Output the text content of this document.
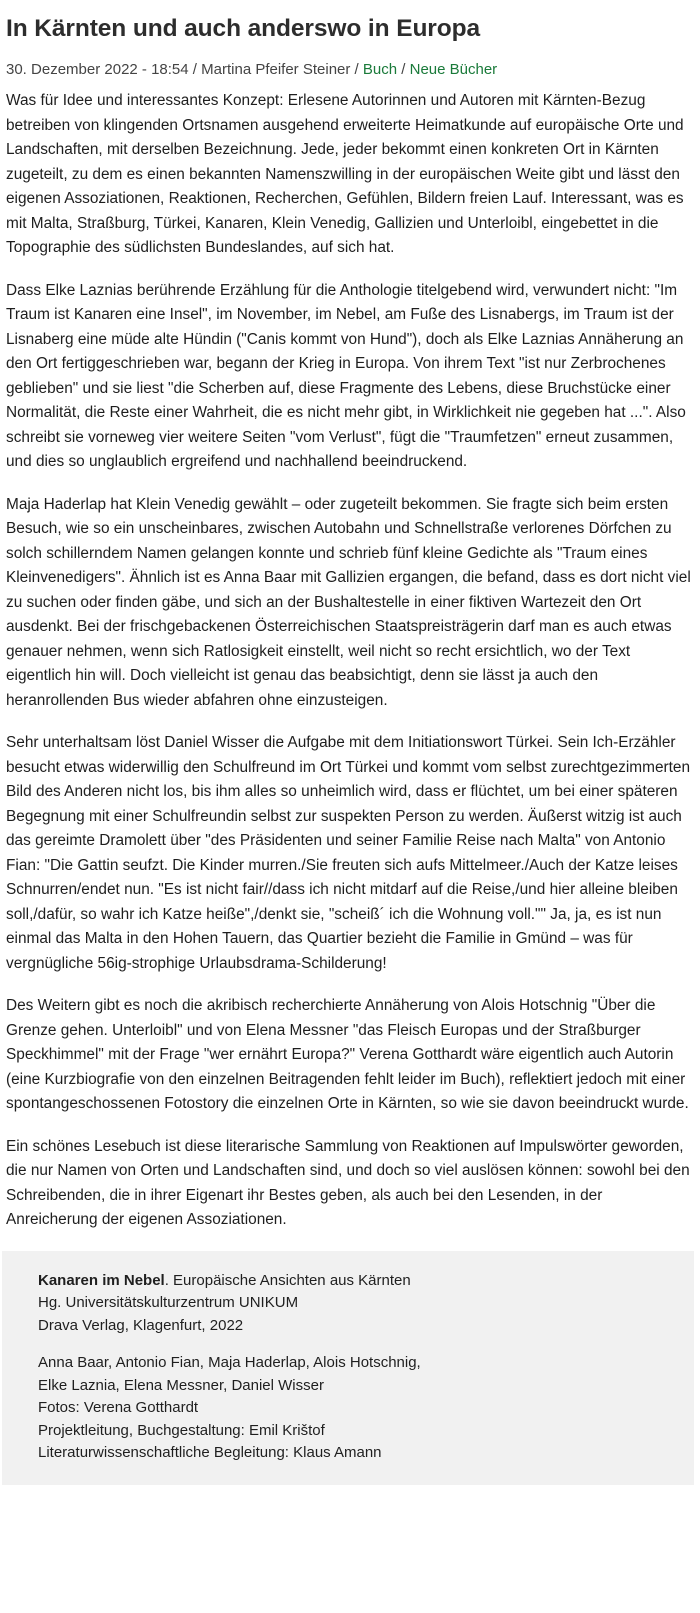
In Kärnten und auch anderswo in Europa
30. Dezember 2022 - 18:54 / Martina Pfeifer Steiner / Buch / Neue Bücher

Was für Idee und interessantes Konzept: Erlesene Autorinnen und Autoren mit Kärnten-Bezug betreiben von klingenden Ortsnamen ausgehend erweiterte Heimatkunde auf europäische Orte und Landschaften, mit derselben Bezeichnung. Jede, jeder bekommt einen konkreten Ort in Kärnten zugeteilt, zu dem es einen bekannten Namenszwilling in der europäischen Weite gibt und lässt den eigenen Assoziationen, Reaktionen, Recherchen, Gefühlen, Bildern freien Lauf. Interessant, was es mit Malta, Straßburg, Türkei, Kanaren, Klein Venedig, Gallizien und Unterloibl, eingebettet in die Topographie des südlichsten Bundeslandes, auf sich hat.

Dass Elke Laznias berührende Erzählung für die Anthologie titelgebend wird, verwundert nicht: "Im Traum ist Kanaren eine Insel", im November, im Nebel, am Fuße des Lisnabergs, im Traum ist der Lisnaberg eine müde alte Hündin ("Canis kommt von Hund"), doch als Elke Laznias Annäherung an den Ort fertiggeschrieben war, begann der Krieg in Europa. Von ihrem Text "ist nur Zerbrochenes geblieben" und sie liest "die Scherben auf, diese Fragmente des Lebens, diese Bruchstücke einer Normalität, die Reste einer Wahrheit, die es nicht mehr gibt, in Wirklichkeit nie gegeben hat ...". Also schreibt sie vorneweg vier weitere Seiten "vom Verlust", fügt die "Traumfetzen" erneut zusammen, und dies so unglaublich ergreifend und nachhallend beeindruckend.

Maja Haderlap hat Klein Venedig gewählt – oder zugeteilt bekommen. Sie fragte sich beim ersten Besuch, wie so ein unscheinbares, zwischen Autobahn und Schnellstraße verlorenes Dörfchen zu solch schillerndem Namen gelangen konnte und schrieb fünf kleine Gedichte als "Traum eines Kleinvenedigers". Ähnlich ist es Anna Baar mit Gallizien ergangen, die befand, dass es dort nicht viel zu suchen oder finden gäbe, und sich an der Bushaltestelle in einer fiktiven Wartezeit den Ort ausdenkt. Bei der frischgebackenen Österreichischen Staatspreisträgerin darf man es auch etwas genauer nehmen, wenn sich Ratlosigkeit einstellt, weil nicht so recht ersichtlich, wo der Text eigentlich hin will. Doch vielleicht ist genau das beabsichtigt, denn sie lässt ja auch den heranrollenden Bus wieder abfahren ohne einzusteigen.

Sehr unterhaltsam löst Daniel Wisser die Aufgabe mit dem Initiationswort Türkei. Sein Ich-Erzähler besucht etwas widerwillig den Schulfreund im Ort Türkei und kommt vom selbst zurechtgezimmerten Bild des Anderen nicht los, bis ihm alles so unheimlich wird, dass er flüchtet, um bei einer späteren Begegnung mit einer Schulfreundin selbst zur suspekten Person zu werden. Äußerst witzig ist auch das gereimte Dramolett über "des Präsidenten und seiner Familie Reise nach Malta" von Antonio Fian: "Die Gattin seufzt. Die Kinder murren./Sie freuten sich aufs Mittelmeer./Auch der Katze leises Schnurren/endet nun. "Es ist nicht fair//dass ich nicht mitdarf auf die Reise,/und hier alleine bleiben soll,/dafür, so wahr ich Katze heiße",/denkt sie, "scheiß´ ich die Wohnung voll."" Ja, ja, es ist nun einmal das Malta in den Hohen Tauern, das Quartier bezieht die Familie in Gmünd – was für vergnügliche 56ig-strophige Urlaubsdrama-Schilderung!

Des Weitern gibt es noch die akribisch recherchierte Annäherung von Alois Hotschnig "Über die Grenze gehen. Unterloibl" und von Elena Messner "das Fleisch Europas und der Straßburger Speckhimmel" mit der Frage "wer ernährt Europa?" Verena Gotthardt wäre eigentlich auch Autorin (eine Kurzbiografie von den einzelnen Beitragenden fehlt leider im Buch), reflektiert jedoch mit einer spontangeschossenen Fotostory die einzelnen Orte in Kärnten, so wie sie davon beeindruckt wurde.

Ein schönes Lesebuch ist diese literarische Sammlung von Reaktionen auf Impulswörter geworden, die nur Namen von Orten und Landschaften sind, und doch so viel auslösen können: sowohl bei den Schreibenden, die in ihrer Eigenart ihr Bestes geben, als auch bei den Lesenden, in der Anreicherung der eigenen Assoziationen.

Kanaren im Nebel. Europäische Ansichten aus Kärnten
Hg. Universitätskulturzentrum UNIKUM
Drava Verlag, Klagenfurt, 2022
Anna Baar, Antonio Fian, Maja Haderlap, Alois Hotschnig,
Elke Laznia, Elena Messner, Daniel Wisser
Fotos: Verena Gotthardt
Projektleitung, Buchgestaltung: Emil Krištof
Literaturwissenschaftliche Begleitung: Klaus Amann
